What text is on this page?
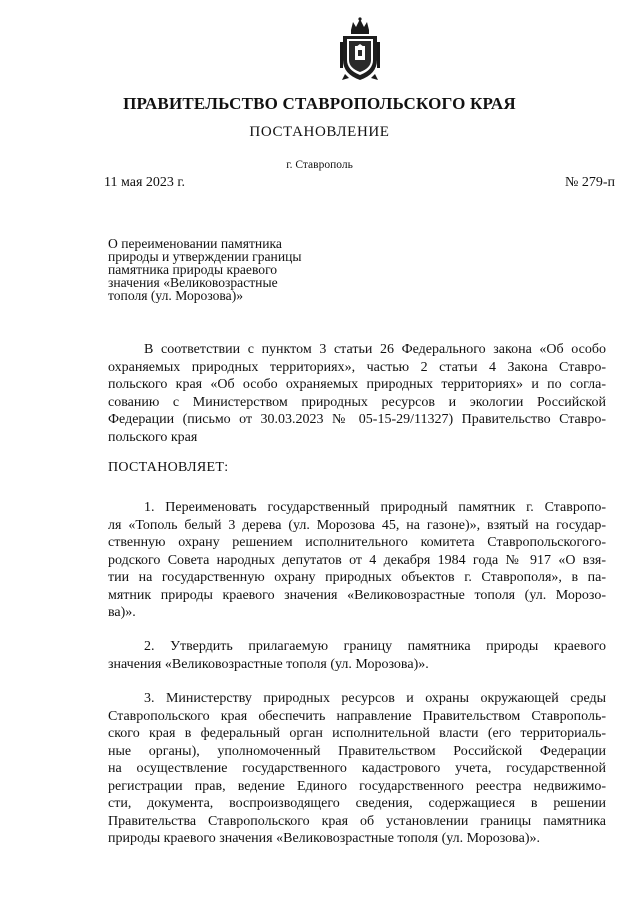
ПРАВИТЕЛЬСТВО СТАВРОПОЛЬСКОГО КРАЯ
ПОСТАНОВЛЕНИЕ
г. Ставрополь
11 мая 2023 г.	№ 279-п
О переименовании памятника
природы и утверждении границы
памятника природы краевого
значения «Великовозрастные
тополя (ул. Морозова)»
В соответствии с пунктом 3 статьи 26 Федерального закона «Об особо
охраняемых природных территориях», частью 2 статьи 4 Закона Ставро-
польского края «Об особо охраняемых природных территориях» и по согла-
сованию с Министерством природных ресурсов и экологии Российской
Федерации (письмо от 30.03.2023 № 05-15-29/11327) Правительство Ставро-
польского края
ПОСТАНОВЛЯЕТ:
1. Переименовать государственный природный памятник г. Ставропо-
ля «Тополь белый 3 дерева (ул. Морозова 45, на газоне)», взятый на государ-
ственную охрану решением исполнительного комитета Ставропольскогого-
родского Совета народных депутатов от 4 декабря 1984 года № 917 «О взя-
тии на государственную охрану природных объектов г. Ставрополя», в па-
мятник природы краевого значения «Великовозрастные тополя (ул. Морозо-
ва)».
2. Утвердить прилагаемую границу памятника природы краевого
значения «Великовозрастные тополя (ул. Морозова)».
3. Министерству природных ресурсов и охраны окружающей среды
Ставропольского края обеспечить направление Правительством Ставрополь-
ского края в федеральный орган исполнительной власти (его территориаль-
ные органы), уполномоченный Правительством Российской Федерации
на осуществление государственного кадастрового учета, государственной
регистрации прав, ведение Единого государственного реестра недвижимо-
сти, документа, воспроизводящего сведения, содержащиеся в решении
Правительства Ставропольского края об установлении границы памятника
природы краевого значения «Великовозрастные тополя (ул. Морозова)».
